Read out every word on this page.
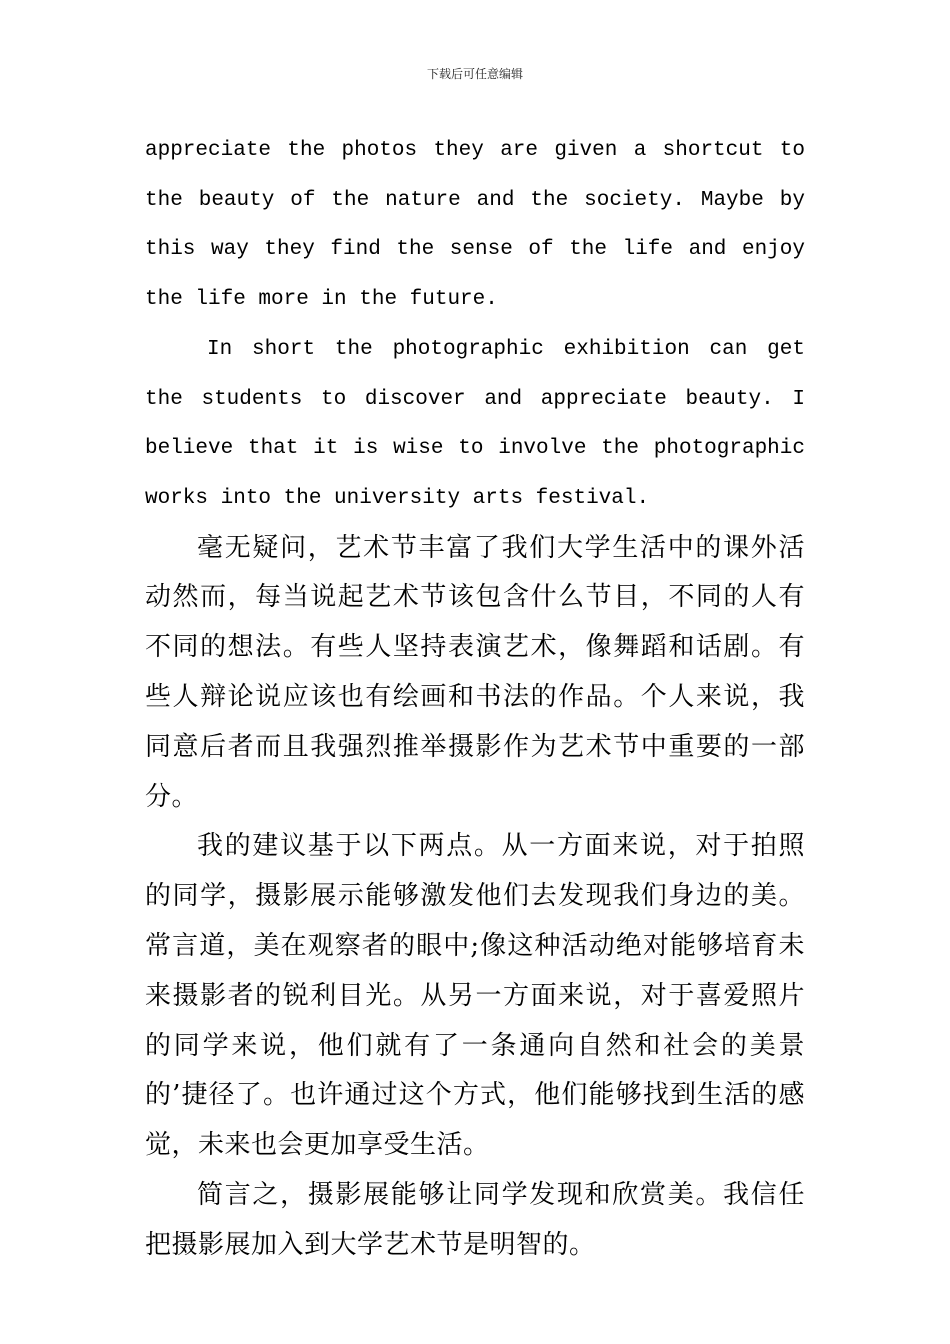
下载后可任意编辑

appreciate the photos they are given a shortcut to
the beauty of the nature and the society. Maybe by
this way they find the sense of the life and enjoy
the life more in the future.

In short the photographic exhibition can get
the students to discover and appreciate beauty. I
believe that it is wise to involve the photographic
works into the university arts festival.

毫无疑问，艺术节丰富了我们大学生活中的课外活动然而，每当说起艺术节该包含什么节目，不同的人有不同的想法。有些人坚持表演艺术，像舞蹈和话剧。有些人辩论说应该也有绘画和书法的作品。个人来说，我同意后者而且我强烈推举摄影作为艺术节中重要的一部分。

我的建议基于以下两点。从一方面来说，对于拍照的同学，摄影展示能够激发他们去发现我们身边的美。常言道，美在观察者的眼中;像这种活动绝对能够培育未来摄影者的锐利目光。从另一方面来说，对于喜爱照片的同学来说，他们就有了一条通向自然和社会的美景的’捷径了。也许通过这个方式，他们能够找到生活的感觉，未来也会更加享受生活。

简言之，摄影展能够让同学发现和欣赏美。我信任把摄影展加入到大学艺术节是明智的。
